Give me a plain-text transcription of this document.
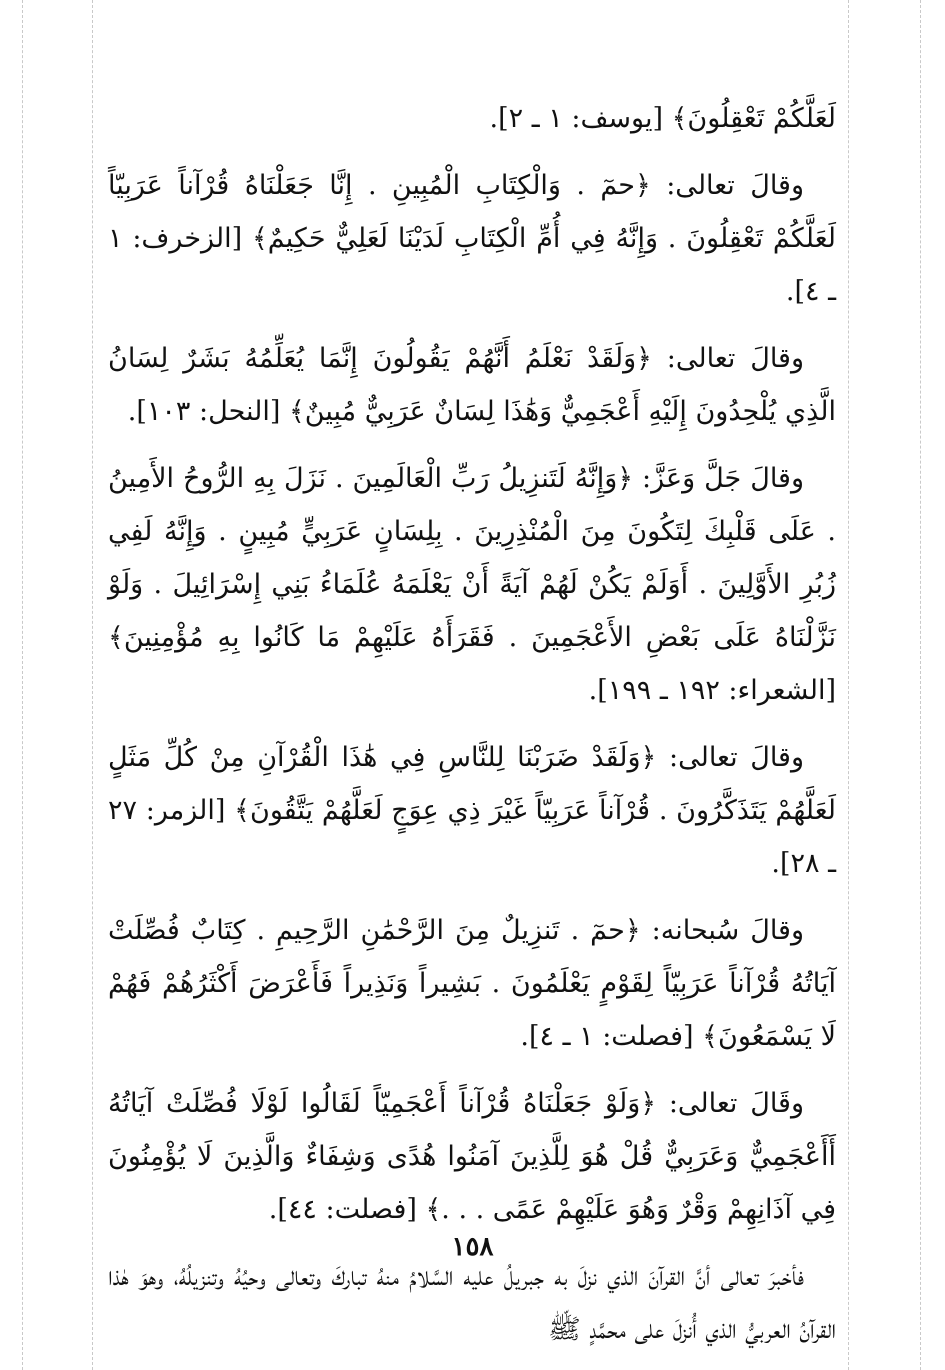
لَعَلَّكُمْ تَعْقِلُونَ﴾ [يوسف: ١ ـ ٢].

وقالَ تعالى: ﴿حمٓ . وَالْكِتَابِ الْمُبِينِ . إِنَّا جَعَلْنَاهُ قُرْآناً عَرَبِيّاً لَعَلَّكُمْ تَعْقِلُونَ . وَإِنَّهُ فِي أُمِّ الْكِتَابِ لَدَيْنَا لَعَلِيٌّ حَكِيمٌ﴾ [الزخرف: ١ ـ ٤].

وقالَ تعالى: ﴿وَلَقَدْ نَعْلَمُ أَنَّهُمْ يَقُولُونَ إِنَّمَا يُعَلِّمُهُ بَشَرٌ لِسَانُ الَّذِي يُلْحِدُونَ إِلَيْهِ أَعْجَمِيٌّ وَهَٰذَا لِسَانٌ عَرَبِيٌّ مُبِينٌ﴾ [النحل: ١٠٣].

وقالَ جَلَّ وَعَزَّ: ﴿وَإِنَّهُ لَتَنزِيلُ رَبِّ الْعَالَمِينَ . نَزَلَ بِهِ الرُّوحُ الأَمِينُ . عَلَى قَلْبِكَ لِتَكُونَ مِنَ الْمُنْذِرِينَ . بِلِسَانٍ عَرَبِيٍّ مُبِينٍ . وَإِنَّهُ لَفِي زُبُرِ الأَوَّلِينَ . أَوَلَمْ يَكُنْ لَهُمْ آيَةً أَنْ يَعْلَمَهُ عُلَمَاءُ بَنِي إِسْرَائِيلَ . وَلَوْ نَزَّلْنَاهُ عَلَى بَعْضِ الأَعْجَمِينَ . فَقَرَأَهُ عَلَيْهِمْ مَا كَانُوا بِهِ مُؤْمِنِينَ﴾ [الشعراء: ١٩٢ ـ ١٩٩].

وقالَ تعالى: ﴿وَلَقَدْ ضَرَبْنَا لِلنَّاسِ فِي هَٰذَا الْقُرْآنِ مِنْ كُلِّ مَثَلٍ لَعَلَّهُمْ يَتَذَكَّرُونَ . قُرْآناً عَرَبِيّاً غَيْرَ ذِي عِوَجٍ لَعَلَّهُمْ يَتَّقُونَ﴾ [الزمر: ٢٧ ـ ٢٨].

وقالَ سُبحانه: ﴿حمٓ . تَنزِيلٌ مِنَ الرَّحْمَٰنِ الرَّحِيمِ . كِتَابٌ فُصِّلَتْ آيَاتُهُ قُرْآناً عَرَبِيّاً لِقَوْمٍ يَعْلَمُونَ . بَشِيراً وَنَذِيراً فَأَعْرَضَ أَكْثَرُهُمْ فَهُمْ لَا يَسْمَعُونَ﴾ [فصلت: ١ ـ ٤].

وقَالَ تعالى: ﴿وَلَوْ جَعَلْنَاهُ قُرْآناً أَعْجَمِيّاً لَقَالُوا لَوْلَا فُصِّلَتْ آيَاتُهُ أَأَعْجَمِيٌّ وَعَرَبِيٌّ قُلْ هُوَ لِلَّذِينَ آمَنُوا هُدًى وَشِفَاءٌ وَالَّذِينَ لَا يُؤْمِنُونَ فِي آذَانِهِمْ وَقْرٌ وَهُوَ عَلَيْهِمْ عَمًى . . .﴾ [فصلت: ٤٤].

فأخبرَ تعالى أنَّ القرآنَ الذي نزلَ به جبريلُ عليه السَّلامُ منهُ تباركَ وتعالى وحيُهُ وتنزيلُهُ، وهوَ هٰذا القرآنُ العربيُّ الذي أُنزلَ على محمَّدٍ ﷺ

١٥٨
